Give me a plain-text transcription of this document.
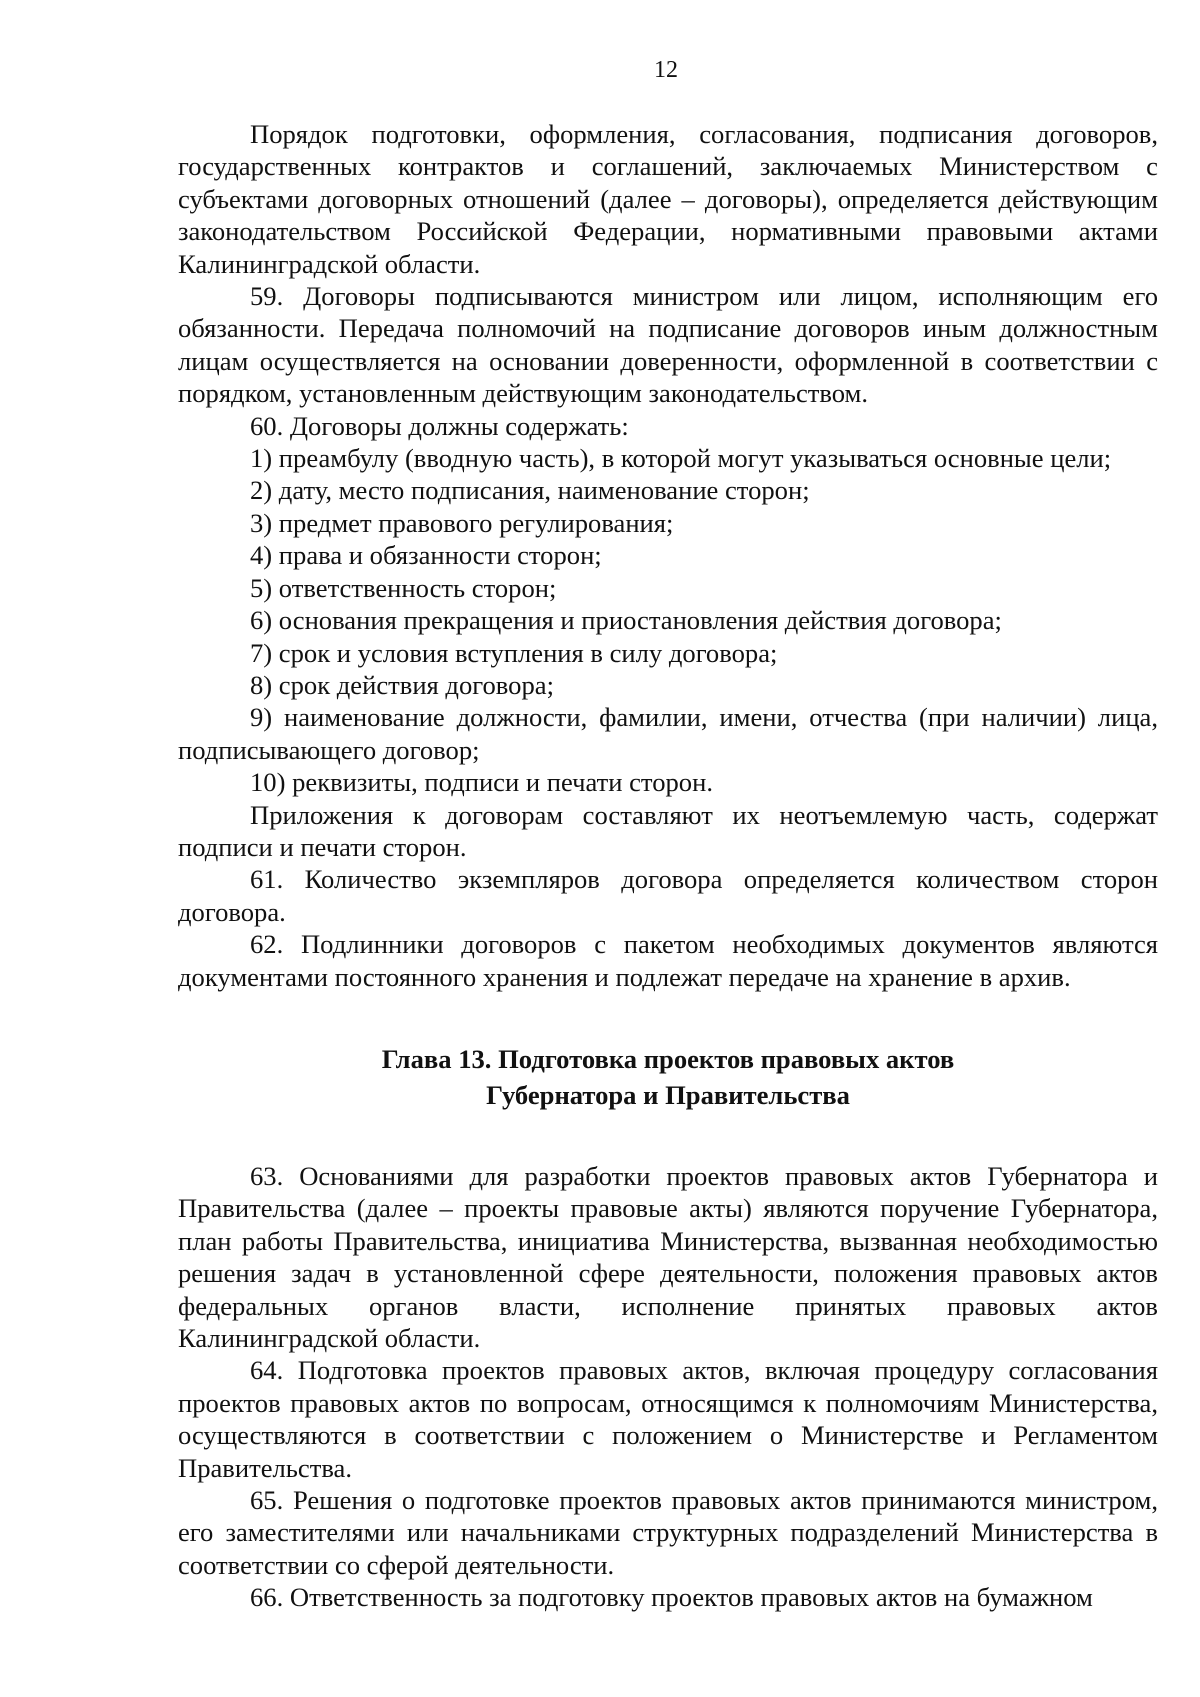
12

Порядок подготовки, оформления, согласования, подписания договоров, государственных контрактов и соглашений, заключаемых Министерством с субъектами договорных отношений (далее – договоры), определяется действующим законодательством Российской Федерации, нормативными правовыми актами Калининградской области.

59. Договоры подписываются министром или лицом, исполняющим его обязанности. Передача полномочий на подписание договоров иным должностным лицам осуществляется на основании доверенности, оформленной в соответствии с порядком, установленным действующим законодательством.

60. Договоры должны содержать:

1) преамбулу (вводную часть), в которой могут указываться основные цели;

2) дату, место подписания, наименование сторон;

3) предмет правового регулирования;

4) права и обязанности сторон;

5) ответственность сторон;

6) основания прекращения и приостановления действия договора;

7) срок и условия вступления в силу договора;

8) срок действия договора;

9) наименование должности, фамилии, имени, отчества (при наличии) лица, подписывающего договор;

10) реквизиты, подписи и печати сторон.

Приложения к договорам составляют их неотъемлемую часть, содержат подписи и печати сторон.

61. Количество экземпляров договора определяется количеством сторон договора.

62. Подлинники договоров с пакетом необходимых документов являются документами постоянного хранения и подлежат передаче на хранение в архив.

Глава 13. Подготовка проектов правовых актов
Губернатора и Правительства

63. Основаниями для разработки проектов правовых актов Губернатора и Правительства (далее – проекты правовые акты) являются поручение Губернатора, план работы Правительства, инициатива Министерства, вызванная необходимостью решения задач в установленной сфере деятельности, положения правовых актов федеральных органов власти, исполнение принятых правовых актов Калининградской области.

64. Подготовка проектов правовых актов, включая процедуру согласования проектов правовых актов по вопросам, относящимся к полномочиям Министерства, осуществляются в соответствии с положением о Министерстве и Регламентом Правительства.

65. Решения о подготовке проектов правовых актов принимаются министром, его заместителями или начальниками структурных подразделений Министерства в соответствии со сферой деятельности.

66. Ответственность за подготовку проектов правовых актов на бумажном
